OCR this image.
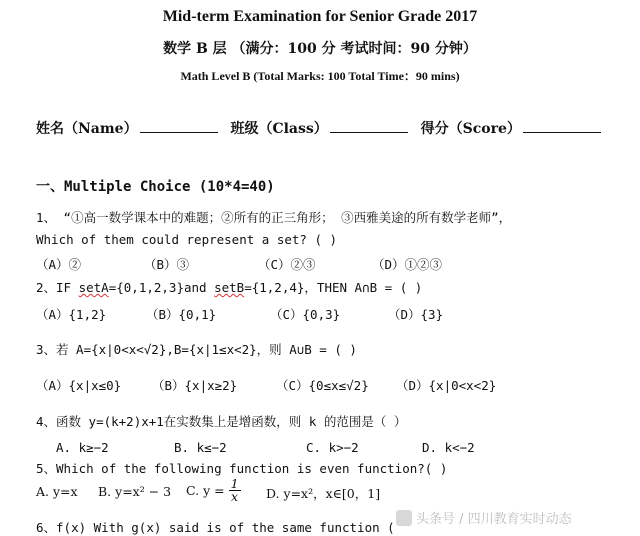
Mid-term Examination for Senior Grade 2017
数学 B 层 （满分：100 分 考试时间：90 分钟）
Math Level B (Total Marks: 100 Total Time：90 mins)
姓名（Name）	班级（Class）	得分（Score）
一、Multiple Choice (10*4=40)
1、 “①高一数学课本中的难题；②所有的正三角形； ③西雅美途的所有数学老师”，
Which of them could represent a set? ( )
（A）②	（B）③	（C）②③	（D）①②③
2、IF setA={0,1,2,3}and setB={1,2,4}，THEN A∩B = ( )
（A）{1,2}	（B）{0,1}	（C）{0,3}	（D）{3}
3、若 A={x|0<x<√2},B={x|1≤x<2}，则 A∪B = ( )
（A）{x|x≤0} （B）{x|x≥2}	（C）{0≤x≤√2} （D）{x|0<x<2}
4、函数 y=(k+2)x+1在实数集上是增函数，则 k 的范围是（ ）
A. k≥−2	B. k≤−2	C. k>−2	D. k<−2
5、Which of the following function is even function?( )
A. y=x B. y=x² − 3 C. $y = \frac{1}{x} D$. y=x²，x∈[0，1]
6、f(x) With g(x) said is of the same function (
头条号 / 四川教育实时动态
